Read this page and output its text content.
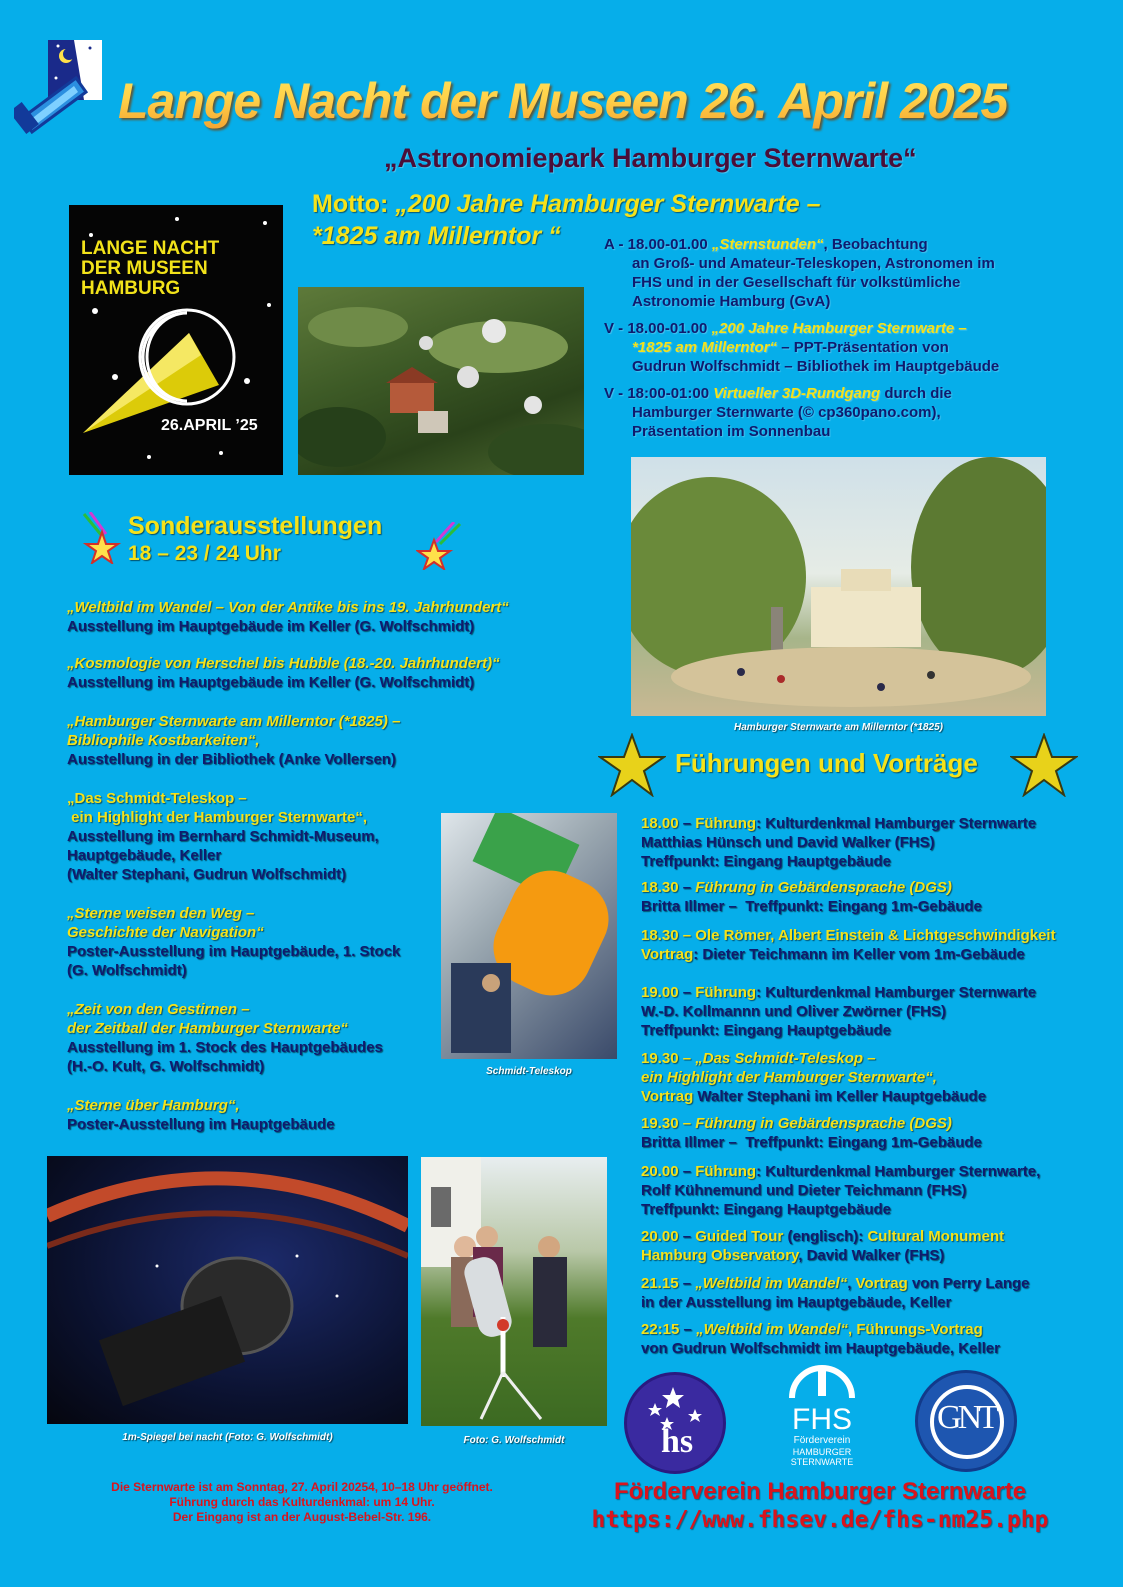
Lange Nacht der Museen 26. April 2025
„Astronomiepark Hamburger Sternwarte“
Motto: „200 Jahre Hamburger Sternwarte –
*1825 am Millerntor “
LANGE NACHT
DER MUSEEN
HAMBURG
26.APRIL ’25
A - 18.00-01.00 „Sternstunden“, Beobachtung
an Groß- und Amateur-Teleskopen, Astronomen im
FHS und in der Gesellschaft für volkstümliche
Astronomie Hamburg (GvA)
V - 18.00-01.00 „200 Jahre Hamburger Sternwarte –
*1825 am Millerntor“ – PPT-Präsentation von
Gudrun Wolfschmidt – Bibliothek im Hauptgebäude
V - 18:00-01:00 Virtueller 3D-Rundgang durch die
Hamburger Sternwarte (© cp360pano.com),
Präsentation im Sonnenbau
Hamburger Sternwarte am Millerntor (*1825)
Sonderausstellungen
18 – 23 / 24 Uhr
„Weltbild im Wandel – Von der Antike bis ins 19. Jahrhundert“
Ausstellung im Hauptgebäude im Keller (G. Wolfschmidt)
„Kosmologie von Herschel bis Hubble (18.-20. Jahrhundert)“
Ausstellung im Hauptgebäude im Keller (G. Wolfschmidt)
„Hamburger Sternwarte am Millerntor (*1825) –
Bibliophile Kostbarkeiten“,
Ausstellung in der Bibliothek (Anke Vollersen)
„Das Schmidt-Teleskop –
ein Highlight der Hamburger Sternwarte“,
Ausstellung im Bernhard Schmidt-Museum,
Hauptgebäude, Keller
(Walter Stephani, Gudrun Wolfschmidt)
„Sterne weisen den Weg –
Geschichte der Navigation“
Poster-Ausstellung im Hauptgebäude, 1. Stock
(G. Wolfschmidt)
„Zeit von den Gestirnen –
der Zeitball der Hamburger Sternwarte“
Ausstellung im 1. Stock des Hauptgebäudes
(H.-O. Kult, G. Wolfschmidt)
„Sterne über Hamburg“,
Poster-Ausstellung im Hauptgebäude
Schmidt-Teleskop
Führungen und Vorträge
18.00 – Führung: Kulturdenkmal Hamburger Sternwarte
Matthias Hünsch und David Walker (FHS)
Treffpunkt: Eingang Hauptgebäude
18.30 – Führung in Gebärdensprache (DGS)
Britta Illmer –  Treffpunkt: Eingang 1m-Gebäude
18.30 – Ole Römer, Albert Einstein & Lichtgeschwindigkeit
Vortrag: Dieter Teichmann im Keller vom 1m-Gebäude
19.00 – Führung: Kulturdenkmal Hamburger Sternwarte
W.-D. Kollmannn und Oliver Zwörner (FHS)
Treffpunkt: Eingang Hauptgebäude
19.30 – „Das Schmidt-Teleskop –
ein Highlight der Hamburger Sternwarte“,
Vortrag Walter Stephani im Keller Hauptgebäude
19.30 – Führung in Gebärdensprache (DGS)
Britta Illmer –  Treffpunkt: Eingang 1m-Gebäude
20.00 – Führung: Kulturdenkmal Hamburger Sternwarte,
Rolf Kühnemund und Dieter Teichmann (FHS)
Treffpunkt: Eingang Hauptgebäude
20.00 – Guided Tour (englisch): Cultural Monument
Hamburg Observatory, David Walker (FHS)
21.15 – „Weltbild im Wandel“, Vortrag von Perry Lange
in der Ausstellung im Hauptgebäude, Keller
22:15 – „Weltbild im Wandel“, Führungs-Vortrag
von Gudrun Wolfschmidt im Hauptgebäude, Keller
1m-Spiegel bei nacht (Foto: G. Wolfschmidt)	Foto: G. Wolfschmidt	hs
FHS
Förderverein
HAMBURGER
STERNWARTE
GNT
Die Sternwarte ist am Sonntag, 27. April 20254, 10–18 Uhr geöffnet.
Führung durch das Kulturdenkmal: um 14 Uhr.
Der Eingang ist an der August-Bebel-Str. 196.
Förderverein Hamburger Sternwarte
https://www.fhsev.de/fhs-nm25.php
